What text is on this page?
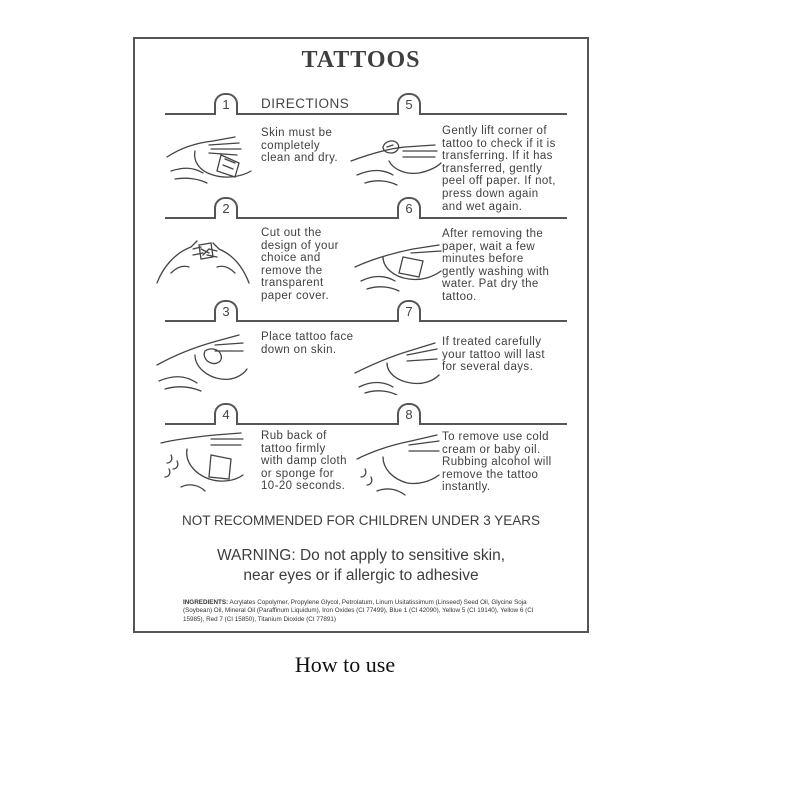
TATTOOS
DIRECTIONS
1	5
2	6
3	7
4	8
Skin must be
completely
clean and dry.
Gently lift corner of
tattoo to check if it is
transferring. If it has
transferred, gently
peel off paper. If not,
press down again
and wet again.
Cut out the
design of your
choice and
remove the
transparent
paper cover.
After removing the
paper, wait a few
minutes before
gently washing with
water. Pat dry the
tattoo.
Place tattoo face
down on skin.
If treated carefully
your tattoo will last
for several days.
Rub back of
tattoo firmly
with damp cloth
or sponge for
10-20 seconds.
To remove use cold
cream or baby oil.
Rubbing alcohol will
remove the tattoo
instantly.
NOT RECOMMENDED FOR CHILDREN UNDER 3 YEARS
WARNING: Do not apply to sensitive skin,
near eyes or if allergic to adhesive
INGREDIENTS: Acrylates Copolymer, Propylene Glycol, Petrolatum, Linum Usitatissimum (Linseed) Seed Oil, Glycine Soja (Soybean) Oil, Mineral Oil (Paraffinum Liquidum), Iron Oxides (CI 77499), Blue 1 (CI 42090), Yellow 5 (CI 19140), Yellow 6 (CI 15985), Red 7 (CI 15850), Titanium Dioxide (CI 77891)
How to use
